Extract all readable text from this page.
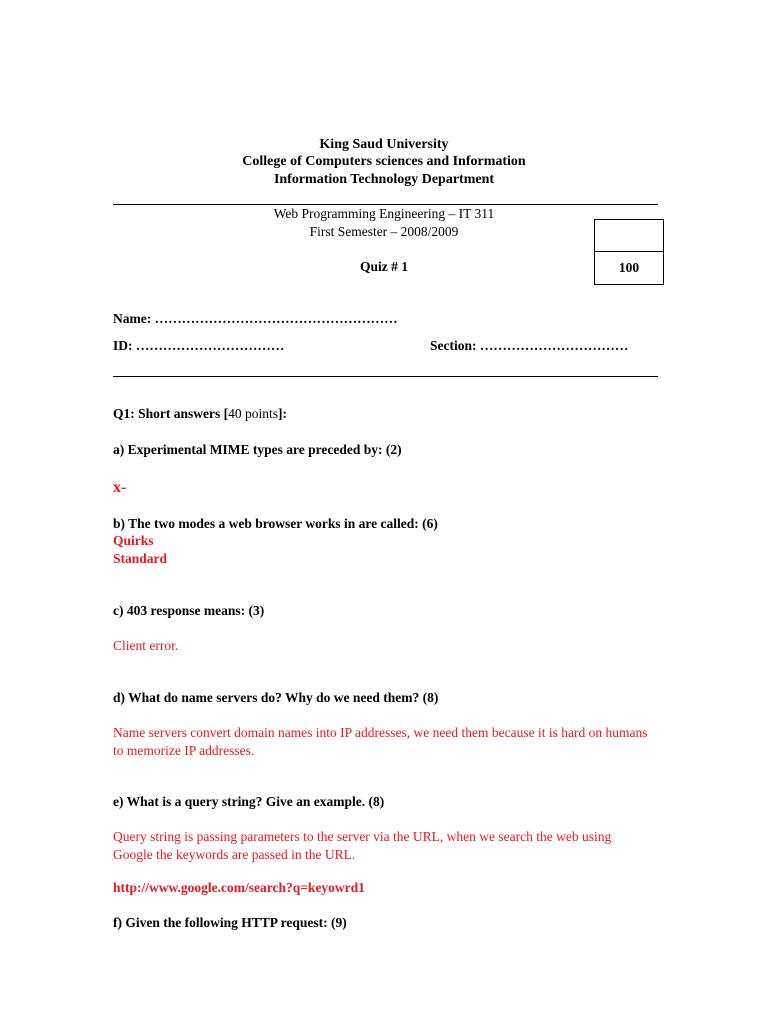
King Saud University
College of Computers sciences and Information
Information Technology Department
Web Programming Engineering – IT 311
First Semester – 2008/2009
Quiz # 1	100
Name: ………………………………………………
ID: ……………………………	Section: ……………………………
Q1: Short answers [40 points]:
a) Experimental MIME types are preceded by: (2)
x-
b) The two modes a web browser works in are called: (6)
Quirks
Standard
c) 403 response means: (3)
Client error.
d) What do name servers do? Why do we need them? (8)
Name servers convert domain names into IP addresses, we need them because it is hard on humans to memorize IP addresses.
e) What is a query string? Give an example. (8)
Query string is passing parameters to the server via the URL, when we search the web using Google the keywords are passed in the URL.
http://www.google.com/search?q=keyowrd1
f) Given the following HTTP request: (9)
